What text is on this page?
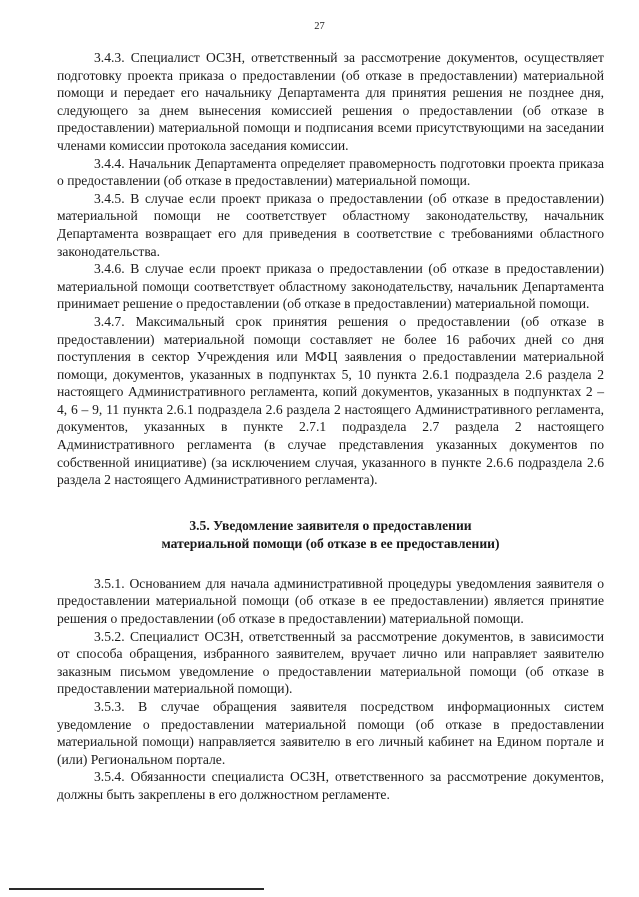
27

3.4.3. Специалист ОСЗН, ответственный за рассмотрение документов, осуществляет подготовку проекта приказа о предоставлении (об отказе в предоставлении) материальной помощи и передает его начальнику Департамента для принятия решения не позднее дня, следующего за днем вынесения комиссией решения о предоставлении (об отказе в предоставлении) материальной помощи и подписания всеми присутствующими на заседании членами комиссии протокола заседания комиссии.

3.4.4. Начальник Департамента определяет правомерность подготовки проекта приказа о предоставлении (об отказе в предоставлении) материальной помощи.

3.4.5. В случае если проект приказа о предоставлении (об отказе в предоставлении) материальной помощи не соответствует областному законодательству, начальник Департамента возвращает его для приведения в соответствие с требованиями областного законодательства.

3.4.6. В случае если проект приказа о предоставлении (об отказе в предоставлении) материальной помощи соответствует областному законодательству, начальник Департамента принимает решение о предоставлении (об отказе в предоставлении) материальной помощи.

3.4.7. Максимальный срок принятия решения о предоставлении (об отказе в предоставлении) материальной помощи составляет не более 16 рабочих дней со дня поступления в сектор Учреждения или МФЦ заявления о предоставлении материальной помощи, документов, указанных в подпунктах 5, 10 пункта 2.6.1 подраздела 2.6 раздела 2 настоящего Административного регламента, копий документов, указанных в подпунктах 2 – 4, 6 – 9, 11 пункта 2.6.1 подраздела 2.6 раздела 2 настоящего Административного регламента, документов, указанных в пункте 2.7.1 подраздела 2.7 раздела 2 настоящего Административного регламента (в случае представления указанных документов по собственной инициативе) (за исключением случая, указанного в пункте 2.6.6 подраздела 2.6 раздела 2 настоящего Административного регламента).

3.5. Уведомление заявителя о предоставлении
материальной помощи (об отказе в ее предоставлении)

3.5.1. Основанием для начала административной процедуры уведомления заявителя о предоставлении материальной помощи (об отказе в ее предоставлении) является принятие решения о предоставлении (об отказе в предоставлении) материальной помощи.

3.5.2. Специалист ОСЗН, ответственный за рассмотрение документов, в зависимости от способа обращения, избранного заявителем, вручает лично или направляет заявителю заказным письмом уведомление о предоставлении материальной помощи (об отказе в предоставлении материальной помощи).

3.5.3. В случае обращения заявителя посредством информационных систем уведомление о предоставлении материальной помощи (об отказе в предоставлении материальной помощи) направляется заявителю в его личный кабинет на Едином портале и (или) Региональном портале.

3.5.4. Обязанности специалиста ОСЗН, ответственного за рассмотрение документов, должны быть закреплены в его должностном регламенте.
